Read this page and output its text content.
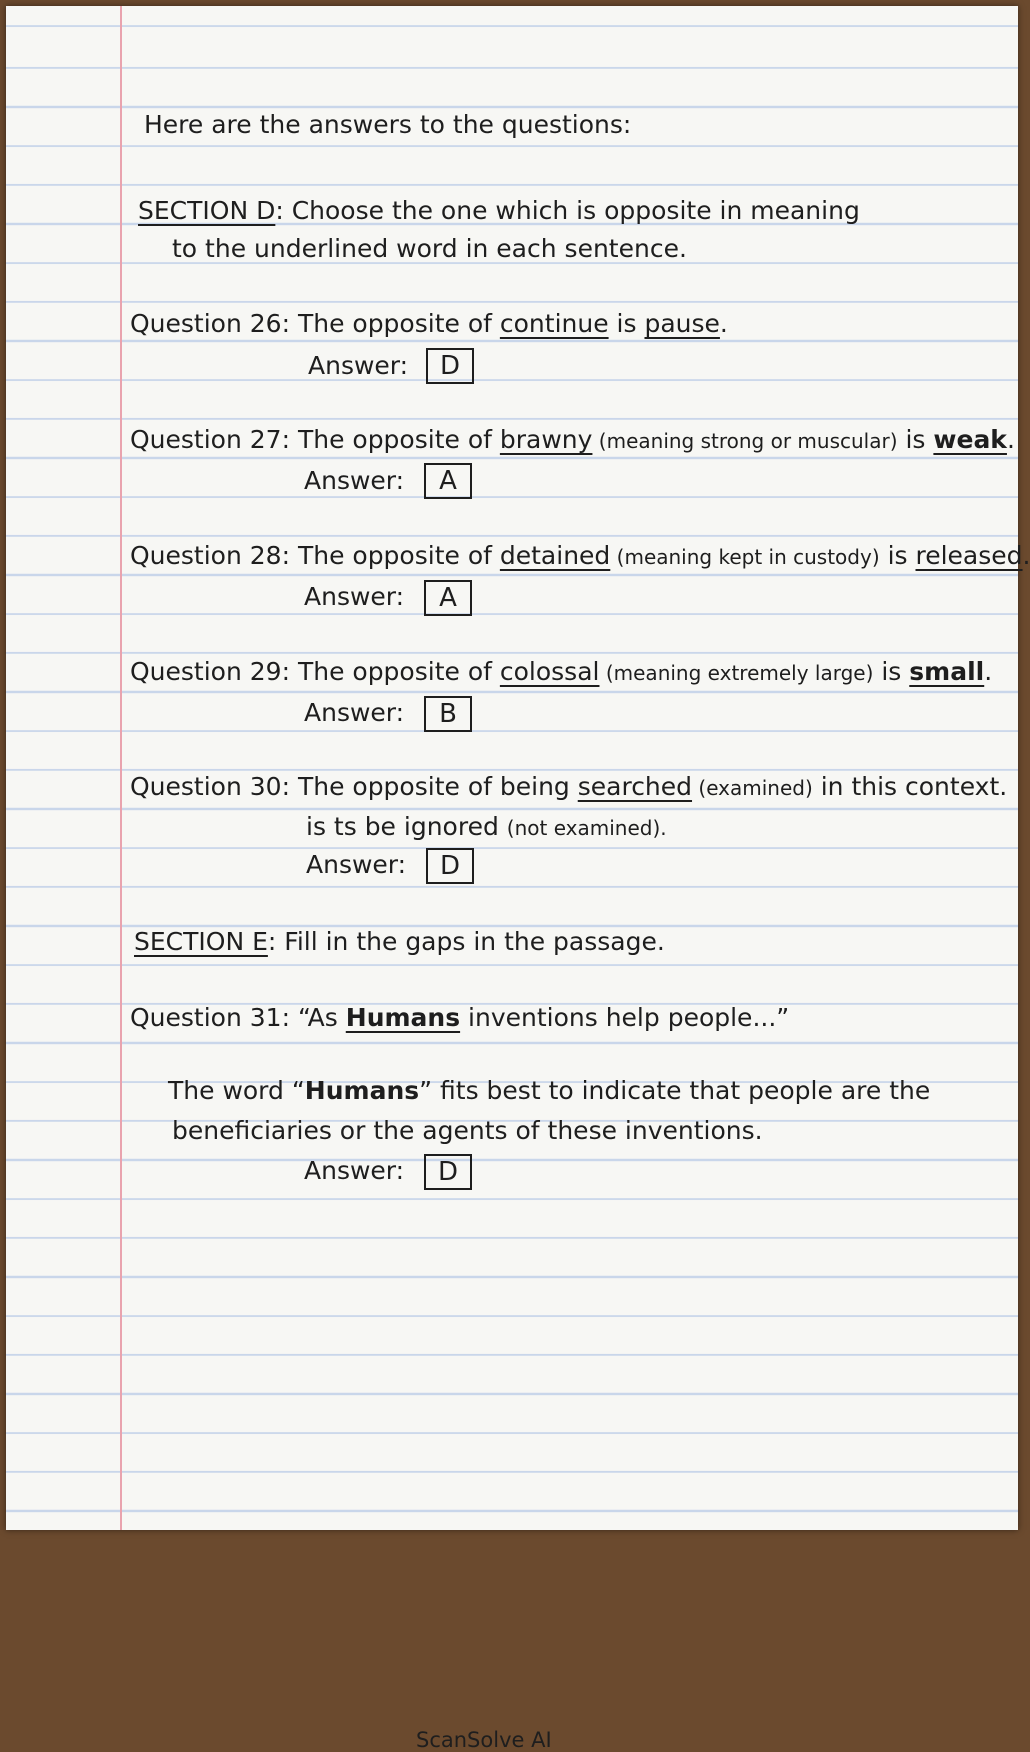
Here are the answers to the questions:
SECTION D: Choose the one which is opposite in meaning
to the underlined word in each sentence.
Question 26: The opposite of continue is pause.
Answer:	D
Question 27: The opposite of brawny (meaning strong or muscular) is weak.
Answer:	A
Question 28: The opposite of detained (meaning kept in custody) is released.
Answer:	A
Question 29: The opposite of colossal (meaning extremely large) is small.
Answer:	B
Question 30: The opposite of being searched (examined) in this context.
is ts be ignored (not examined).
Answer:	D
SECTION E: Fill in the gaps in the passage.
Question 31: “As Humans inventions help people...”
The word “Humans” fits best to indicate that people are the
beneficiaries or the agents of these inventions.
Answer:	D
ScanSolve AI
